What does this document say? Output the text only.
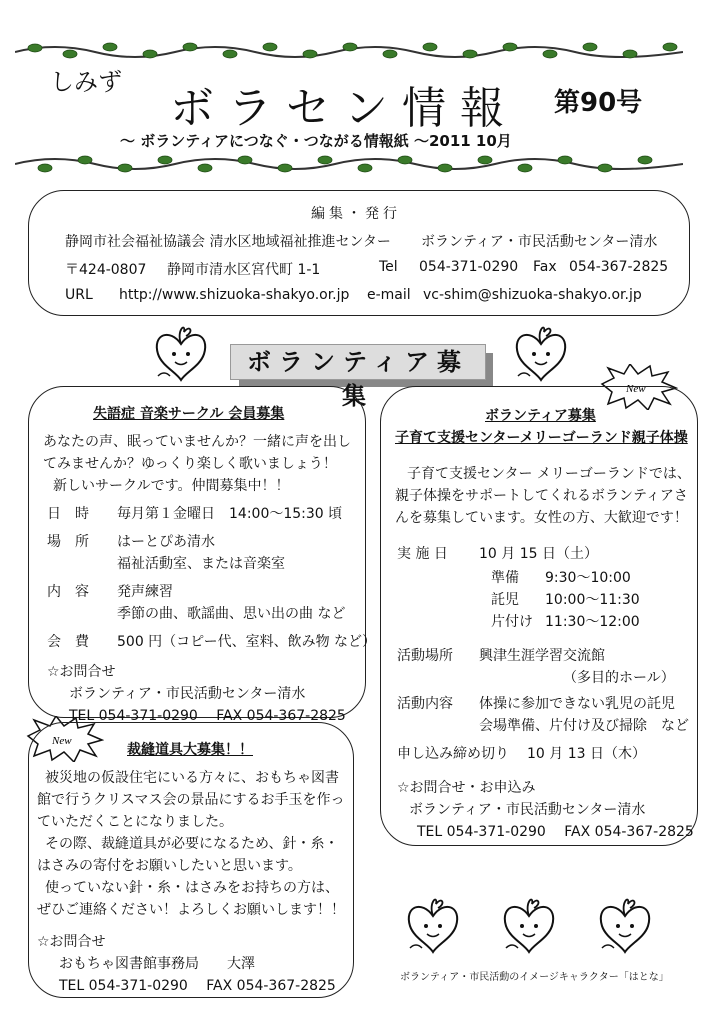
しみず
ボラセン情報 第90号
～ ボランティアにつなぐ・つながる情報紙 ～2011 10月
編集・発行
静岡市社会福祉協議会 清水区地域福祉推進センター ボランティア・市民活動センター清水
〒424-0807 静岡市清水区宮代町 1-1	Tel 054-371-0290 Fax 054-367-2825
URL http://www.shizuoka-shakyo.or.jp e-mail vc-shim@shizuoka-shakyo.or.jp
ボランティア募集
失語症 音楽サークル 会員募集
あなたの声、眠っていませんか？一緒に声を出し
てみませんか？ゆっくり楽しく歌いましょう！
新しいサークルです。仲間募集中！！
日　時 毎月第１金曜日　14:00～15:30 頃
場　所 はーとぴあ清水
福祉活動室、または音楽室
内　容 発声練習
季節の曲、歌謡曲、思い出の曲 など
会　費 500 円（コピー代、室料、飲み物 など）
☆お問合せ
ボランティア・市民活動センター清水
TEL 054-371-0290　 FAX 054-367-2825
New
裁縫道具大募集！！
被災地の仮設住宅にいる方々に、おもちゃ図書
館で行うクリスマス会の景品にするお手玉を作っ
ていただくことになりました。
その際、裁縫道具が必要になるため、針・糸・
はさみの寄付をお願いしたいと思います。
使っていない針・糸・はさみをお持ちの方は、
ぜひご連絡ください！よろしくお願いします！！
☆お問合せ
おもちゃ図書館事務局　　大澤
TEL 054-371-0290　 FAX 054-367-2825
New
ボランティア募集
子育て支援センターメリーゴーランド親子体操
子育て支援センター メリーゴーランドでは、
親子体操をサポートしてくれるボランティアさ
んを募集しています。女性の方、大歓迎です！
実 施 日 10 月 15 日（土）
準備 9:30～10:00
託児 10:00～11:30
片付け 11:30～12:00
活動場所 興津生涯学習交流館
（多目的ホール）
活動内容 体操に参加できない乳児の託児
会場準備、片付け及び掃除　など
申し込み締め切り 10 月 13 日（木）
☆お問合せ・お申込み
ボランティア・市民活動センター清水
TEL 054-371-0290　 FAX 054-367-2825
ボランティア・市民活動のイメージキャラクター「はとな」
